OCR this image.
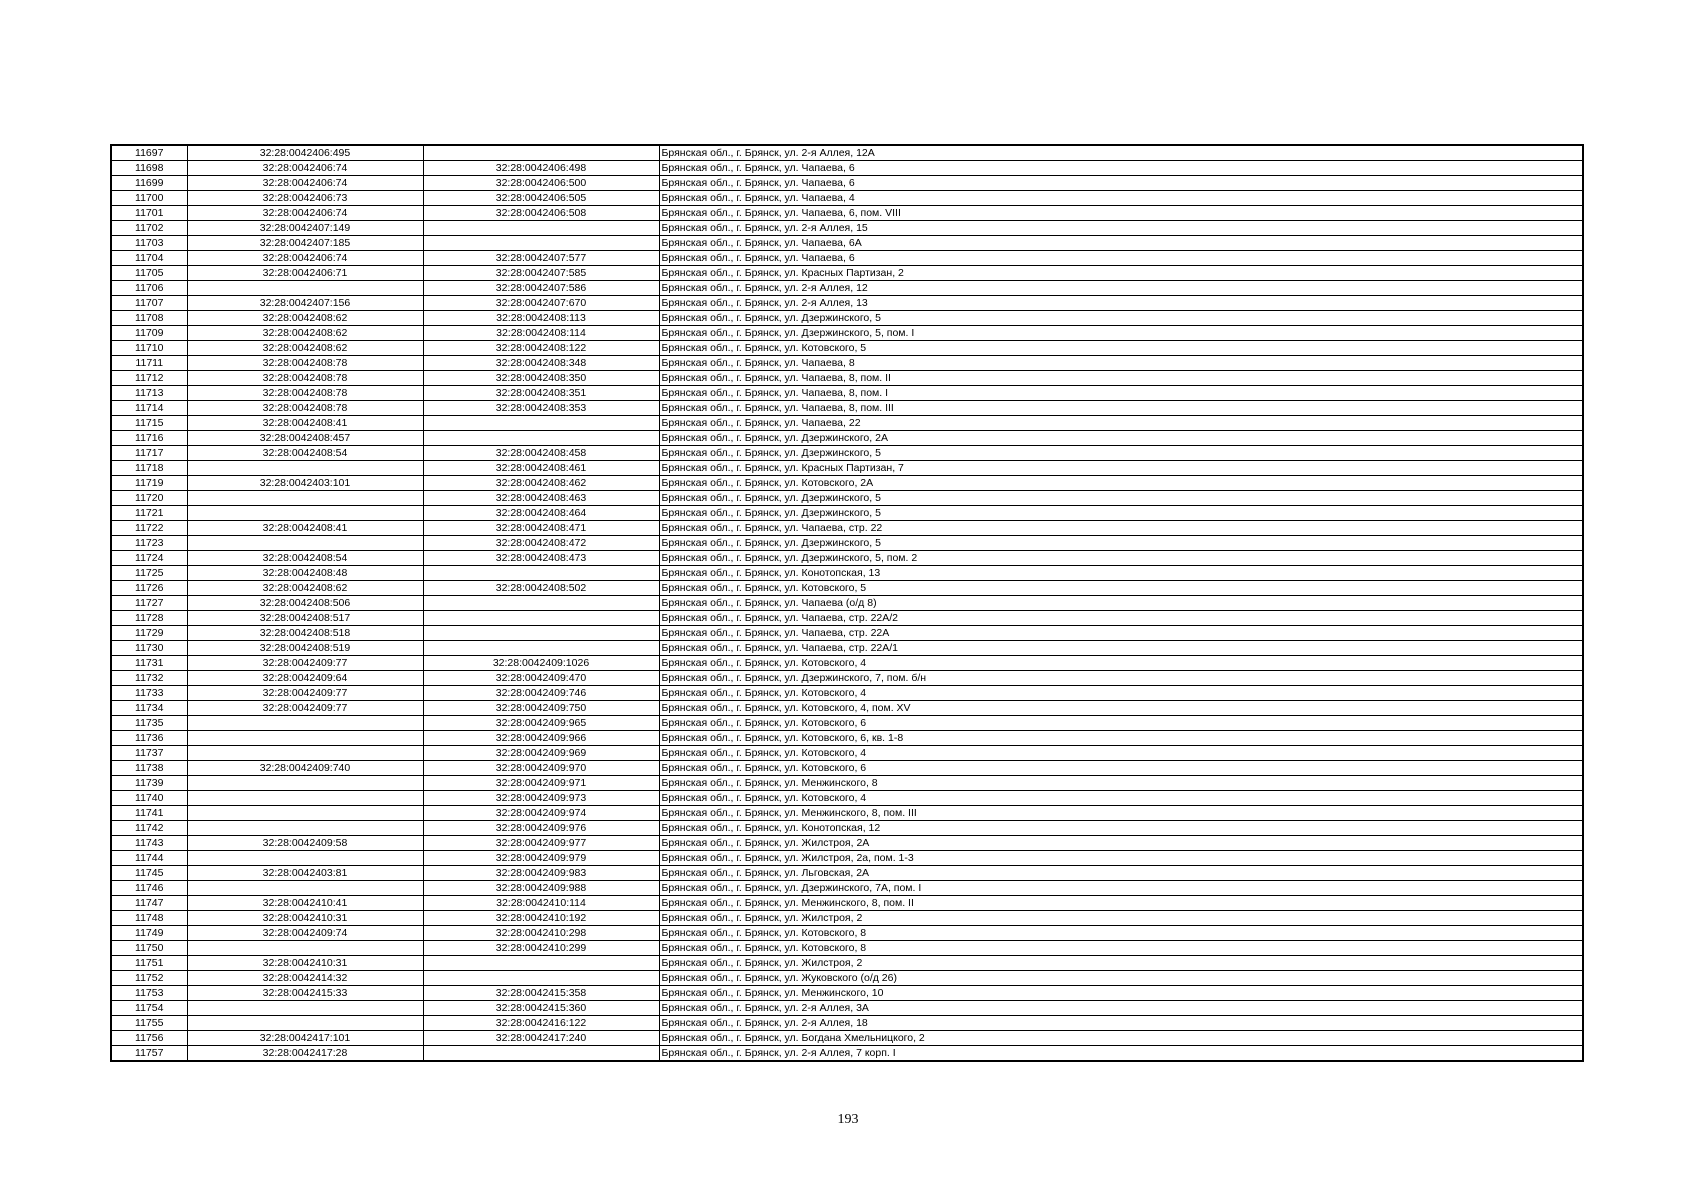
11697	32:28:0042406:495		Брянская обл., г. Брянск, ул. 2-я Аллея, 12А
11698	32:28:0042406:74	32:28:0042406:498	Брянская обл., г. Брянск, ул. Чапаева, 6
11699	32:28:0042406:74	32:28:0042406:500	Брянская обл., г. Брянск, ул. Чапаева, 6
11700	32:28:0042406:73	32:28:0042406:505	Брянская обл., г. Брянск, ул. Чапаева, 4
11701	32:28:0042406:74	32:28:0042406:508	Брянская обл., г. Брянск, ул. Чапаева, 6, пом. VIII
11702	32:28:0042407:149		Брянская обл., г. Брянск, ул. 2-я Аллея, 15
11703	32:28:0042407:185		Брянская обл., г. Брянск, ул. Чапаева, 6А
11704	32:28:0042406:74	32:28:0042407:577	Брянская обл., г. Брянск, ул. Чапаева, 6
11705	32:28:0042406:71	32:28:0042407:585	Брянская обл., г. Брянск, ул. Красных Партизан, 2
11706		32:28:0042407:586	Брянская обл., г. Брянск, ул. 2-я Аллея, 12
11707	32:28:0042407:156	32:28:0042407:670	Брянская обл., г. Брянск, ул. 2-я Аллея, 13
11708	32:28:0042408:62	32:28:0042408:113	Брянская обл., г. Брянск, ул. Дзержинского, 5
11709	32:28:0042408:62	32:28:0042408:114	Брянская обл., г. Брянск, ул. Дзержинского, 5, пом. I
11710	32:28:0042408:62	32:28:0042408:122	Брянская обл., г. Брянск, ул. Котовского, 5
11711	32:28:0042408:78	32:28:0042408:348	Брянская обл., г. Брянск, ул. Чапаева, 8
11712	32:28:0042408:78	32:28:0042408:350	Брянская обл., г. Брянск, ул. Чапаева, 8, пом. II
11713	32:28:0042408:78	32:28:0042408:351	Брянская обл., г. Брянск, ул. Чапаева, 8, пом. I
11714	32:28:0042408:78	32:28:0042408:353	Брянская обл., г. Брянск, ул. Чапаева, 8, пом. III
11715	32:28:0042408:41		Брянская обл., г. Брянск, ул. Чапаева, 22
11716	32:28:0042408:457		Брянская обл., г. Брянск, ул. Дзержинского, 2А
11717	32:28:0042408:54	32:28:0042408:458	Брянская обл., г. Брянск, ул. Дзержинского, 5
11718		32:28:0042408:461	Брянская обл., г. Брянск, ул. Красных Партизан, 7
11719	32:28:0042403:101	32:28:0042408:462	Брянская обл., г. Брянск, ул. Котовского, 2А
11720		32:28:0042408:463	Брянская обл., г. Брянск, ул. Дзержинского, 5
11721		32:28:0042408:464	Брянская обл., г. Брянск, ул. Дзержинского, 5
11722	32:28:0042408:41	32:28:0042408:471	Брянская обл., г. Брянск, ул. Чапаева, стр. 22
11723		32:28:0042408:472	Брянская обл., г. Брянск, ул. Дзержинского, 5
11724	32:28:0042408:54	32:28:0042408:473	Брянская обл., г. Брянск, ул. Дзержинского, 5, пом. 2
11725	32:28:0042408:48		Брянская обл., г. Брянск, ул. Конотопская, 13
11726	32:28:0042408:62	32:28:0042408:502	Брянская обл., г. Брянск, ул. Котовского, 5
11727	32:28:0042408:506		Брянская обл., г. Брянск, ул. Чапаева (о/д 8)
11728	32:28:0042408:517		Брянская обл., г. Брянск, ул. Чапаева, стр. 22А/2
11729	32:28:0042408:518		Брянская обл., г. Брянск, ул. Чапаева, стр. 22А
11730	32:28:0042408:519		Брянская обл., г. Брянск, ул. Чапаева, стр. 22А/1
11731	32:28:0042409:77	32:28:0042409:1026	Брянская обл., г. Брянск, ул. Котовского, 4
11732	32:28:0042409:64	32:28:0042409:470	Брянская обл., г. Брянск, ул. Дзержинского, 7, пом. б/н
11733	32:28:0042409:77	32:28:0042409:746	Брянская обл., г. Брянск, ул. Котовского, 4
11734	32:28:0042409:77	32:28:0042409:750	Брянская обл., г. Брянск, ул. Котовского, 4, пом. XV
11735		32:28:0042409:965	Брянская обл., г. Брянск, ул. Котовского, 6
11736		32:28:0042409:966	Брянская обл., г. Брянск, ул. Котовского, 6, кв. 1-8
11737		32:28:0042409:969	Брянская обл., г. Брянск, ул. Котовского, 4
11738	32:28:0042409:740	32:28:0042409:970	Брянская обл., г. Брянск, ул. Котовского, 6
11739		32:28:0042409:971	Брянская обл., г. Брянск, ул. Менжинского, 8
11740		32:28:0042409:973	Брянская обл., г. Брянск, ул. Котовского, 4
11741		32:28:0042409:974	Брянская обл., г. Брянск, ул. Менжинского, 8, пом. III
11742		32:28:0042409:976	Брянская обл., г. Брянск, ул. Конотопская, 12
11743	32:28:0042409:58	32:28:0042409:977	Брянская обл., г. Брянск, ул. Жилстроя, 2А
11744		32:28:0042409:979	Брянская обл., г. Брянск, ул. Жилстроя, 2а, пом. 1-3
11745	32:28:0042403:81	32:28:0042409:983	Брянская обл., г. Брянск, ул. Льговская, 2А
11746		32:28:0042409:988	Брянская обл., г. Брянск, ул. Дзержинского, 7А, пом. I
11747	32:28:0042410:41	32:28:0042410:114	Брянская обл., г. Брянск, ул. Менжинского, 8, пом. II
11748	32:28:0042410:31	32:28:0042410:192	Брянская обл., г. Брянск, ул. Жилстроя, 2
11749	32:28:0042409:74	32:28:0042410:298	Брянская обл., г. Брянск, ул. Котовского, 8
11750		32:28:0042410:299	Брянская обл., г. Брянск, ул. Котовского, 8
11751	32:28:0042410:31		Брянская обл., г. Брянск, ул. Жилстроя, 2
11752	32:28:0042414:32		Брянская обл., г. Брянск, ул. Жуковского (о/д 26)
11753	32:28:0042415:33	32:28:0042415:358	Брянская обл., г. Брянск, ул. Менжинского, 10
11754		32:28:0042415:360	Брянская обл., г. Брянск, ул. 2-я Аллея, 3А
11755		32:28:0042416:122	Брянская обл., г. Брянск, ул. 2-я Аллея, 18
11756	32:28:0042417:101	32:28:0042417:240	Брянская обл., г. Брянск, ул. Богдана Хмельницкого, 2
11757	32:28:0042417:28		Брянская обл., г. Брянск, ул. 2-я Аллея, 7 корп. I
193
